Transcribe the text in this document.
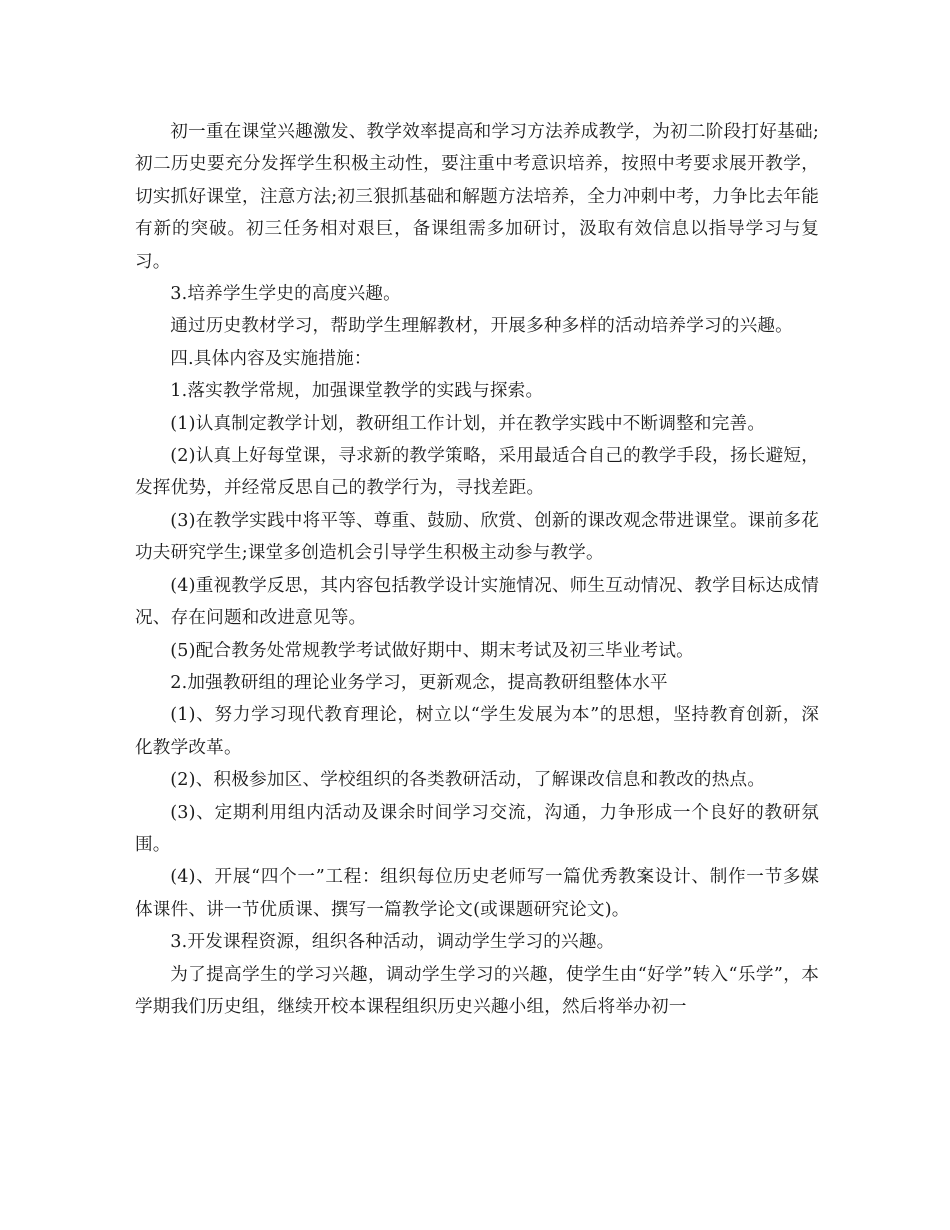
初一重在课堂兴趣激发、教学效率提高和学习方法养成教学，为初二阶段打好基础;初二历史要充分发挥学生积极主动性，要注重中考意识培养，按照中考要求展开教学，切实抓好课堂，注意方法;初三狠抓基础和解题方法培养，全力冲刺中考，力争比去年能有新的突破。初三任务相对艰巨，备课组需多加研讨，汲取有效信息以指导学习与复习。

3.培养学生学史的高度兴趣。

通过历史教材学习，帮助学生理解教材，开展多种多样的活动培养学习的兴趣。

四.具体内容及实施措施：

1.落实教学常规，加强课堂教学的实践与探索。

(1)认真制定教学计划，教研组工作计划，并在教学实践中不断调整和完善。

(2)认真上好每堂课，寻求新的教学策略，采用最适合自己的教学手段，扬长避短，发挥优势，并经常反思自己的教学行为，寻找差距。

(3)在教学实践中将平等、尊重、鼓励、欣赏、创新的课改观念带进课堂。课前多花功夫研究学生;课堂多创造机会引导学生积极主动参与教学。

(4)重视教学反思，其内容包括教学设计实施情况、师生互动情况、教学目标达成情况、存在问题和改进意见等。

(5)配合教务处常规教学考试做好期中、期末考试及初三毕业考试。

2.加强教研组的理论业务学习，更新观念，提高教研组整体水平

(1)、努力学习现代教育理论，树立以“学生发展为本”的思想，坚持教育创新，深化教学改革。

(2)、积极参加区、学校组织的各类教研活动，了解课改信息和教改的热点。

(3)、定期利用组内活动及课余时间学习交流，沟通，力争形成一个良好的教研氛围。

(4)、开展“四个一”工程：组织每位历史老师写一篇优秀教案设计、制作一节多媒体课件、讲一节优质课、撰写一篇教学论文(或课题研究论文)。

3.开发课程资源，组织各种活动，调动学生学习的兴趣。

为了提高学生的学习兴趣，调动学生学习的兴趣，使学生由“好学”转入“乐学”，本学期我们历史组，继续开校本课程组织历史兴趣小组，然后将举办初一
